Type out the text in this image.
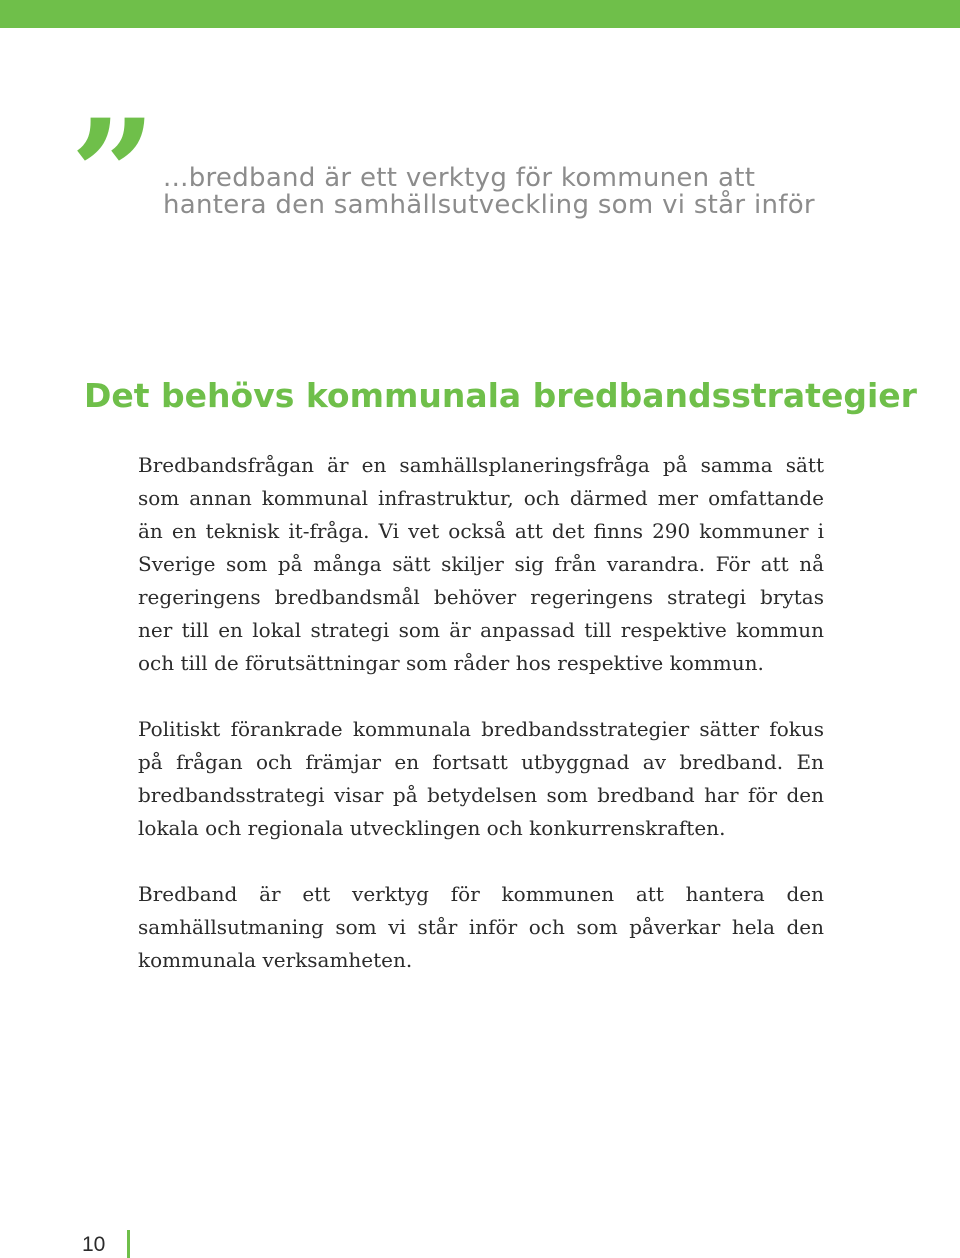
” ...bredband är ett verktyg för kommunen att
hantera den samhällsutveckling som vi står inför
Det behövs kommunala bredbandsstrategier

Bredbandsfrågan är en samhällsplaneringsfråga på samma sätt som annan kommunal infrastruktur, och därmed mer omfattande än en teknisk it-fråga. Vi vet också att det finns 290 kommuner i Sverige som på många sätt skiljer sig från varandra. För att nå regeringens bredbandsmål behöver regeringens strategi brytas ner till en lokal strategi som är anpassad till respektive kommun och till de förutsättningar som råder hos respektive kommun.

Politiskt förankrade kommunala bredbandsstrategier sätter fokus på frågan och främjar en fortsatt utbyggnad av bredband. En bredbandsstrategi visar på betydelsen som bredband har för den lokala och regionala utvecklingen och konkurrenskraften.

Bredband är ett verktyg för kommunen att hantera den samhällsutmaning som vi står inför och som påverkar hela den kommunala verksamheten.

10
